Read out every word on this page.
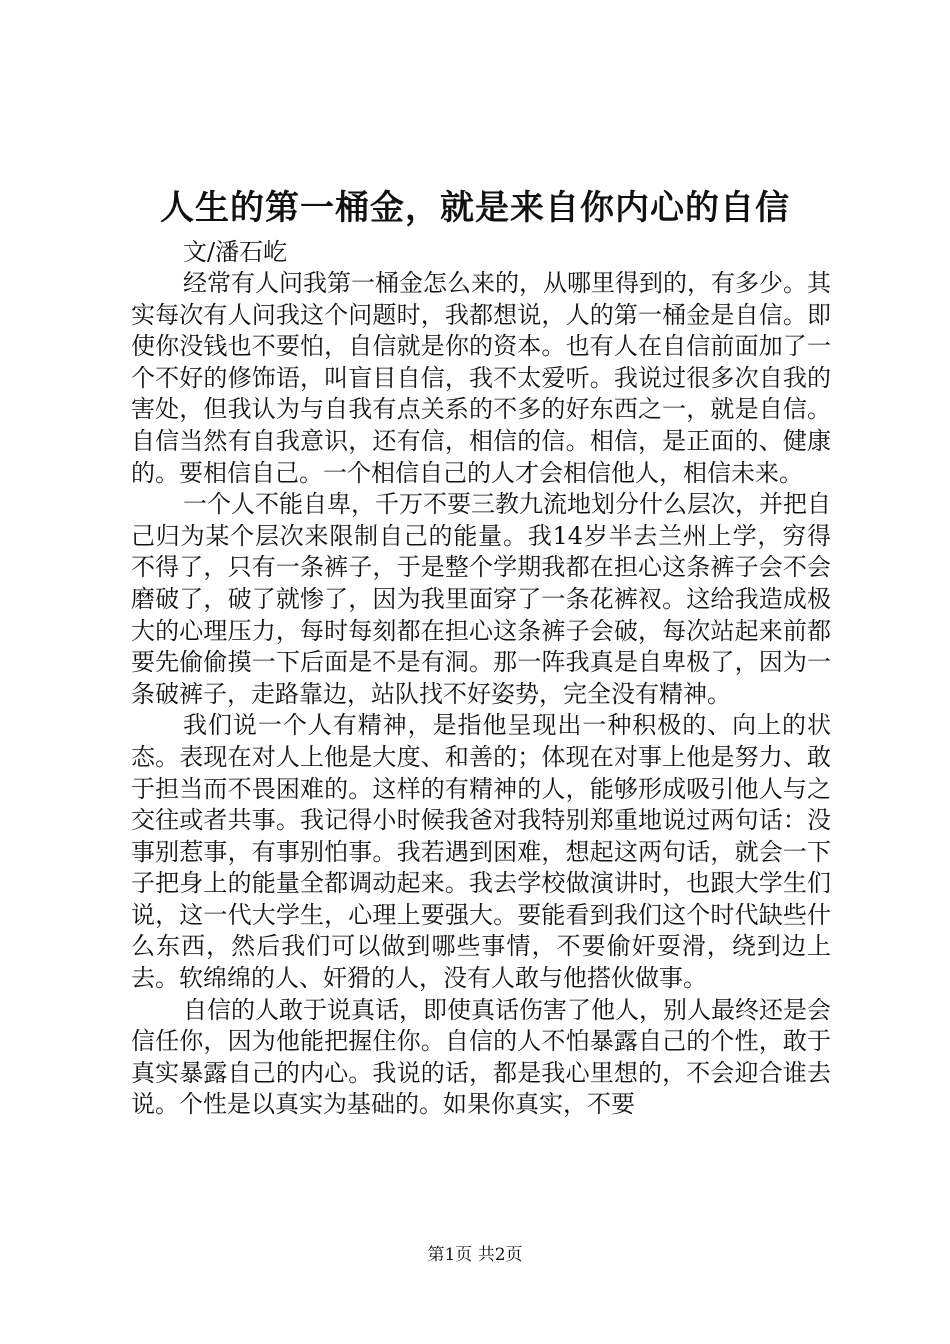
人生的第一桶金，就是来自你内心的自信

文/潘石屹

经常有人问我第一桶金怎么来的，从哪里得到的，有多少。其实每次有人问我这个问题时，我都想说，人的第一桶金是自信。即使你没钱也不要怕，自信就是你的资本。也有人在自信前面加了一个不好的修饰语，叫盲目自信，我不太爱听。我说过很多次自我的害处，但我认为与自我有点关系的不多的好东西之一，就是自信。自信当然有自我意识，还有信，相信的信。相信，是正面的、健康的。要相信自己。一个相信自己的人才会相信他人，相信未来。

一个人不能自卑，千万不要三教九流地划分什么层次，并把自己归为某个层次来限制自己的能量。我14岁半去兰州上学，穷得不得了，只有一条裤子，于是整个学期我都在担心这条裤子会不会磨破了，破了就惨了，因为我里面穿了一条花裤衩。这给我造成极大的心理压力，每时每刻都在担心这条裤子会破，每次站起来前都要先偷偷摸一下后面是不是有洞。那一阵我真是自卑极了，因为一条破裤子，走路靠边，站队找不好姿势，完全没有精神。

我们说一个人有精神，是指他呈现出一种积极的、向上的状态。表现在对人上他是大度、和善的；体现在对事上他是努力、敢于担当而不畏困难的。这样的有精神的人，能够形成吸引他人与之交往或者共事。我记得小时候我爸对我特别郑重地说过两句话：没事别惹事，有事别怕事。我若遇到困难，想起这两句话，就会一下子把身上的能量全都调动起来。我去学校做演讲时，也跟大学生们说，这一代大学生，心理上要强大。要能看到我们这个时代缺些什么东西，然后我们可以做到哪些事情，不要偷奸耍滑，绕到边上去。软绵绵的人、奸猾的人，没有人敢与他搭伙做事。

自信的人敢于说真话，即使真话伤害了他人，别人最终还是会信任你，因为他能把握住你。自信的人不怕暴露自己的个性，敢于真实暴露自己的内心。我说的话，都是我心里想的，不会迎合谁去说。个性是以真实为基础的。如果你真实，不要

第1页 共2页
